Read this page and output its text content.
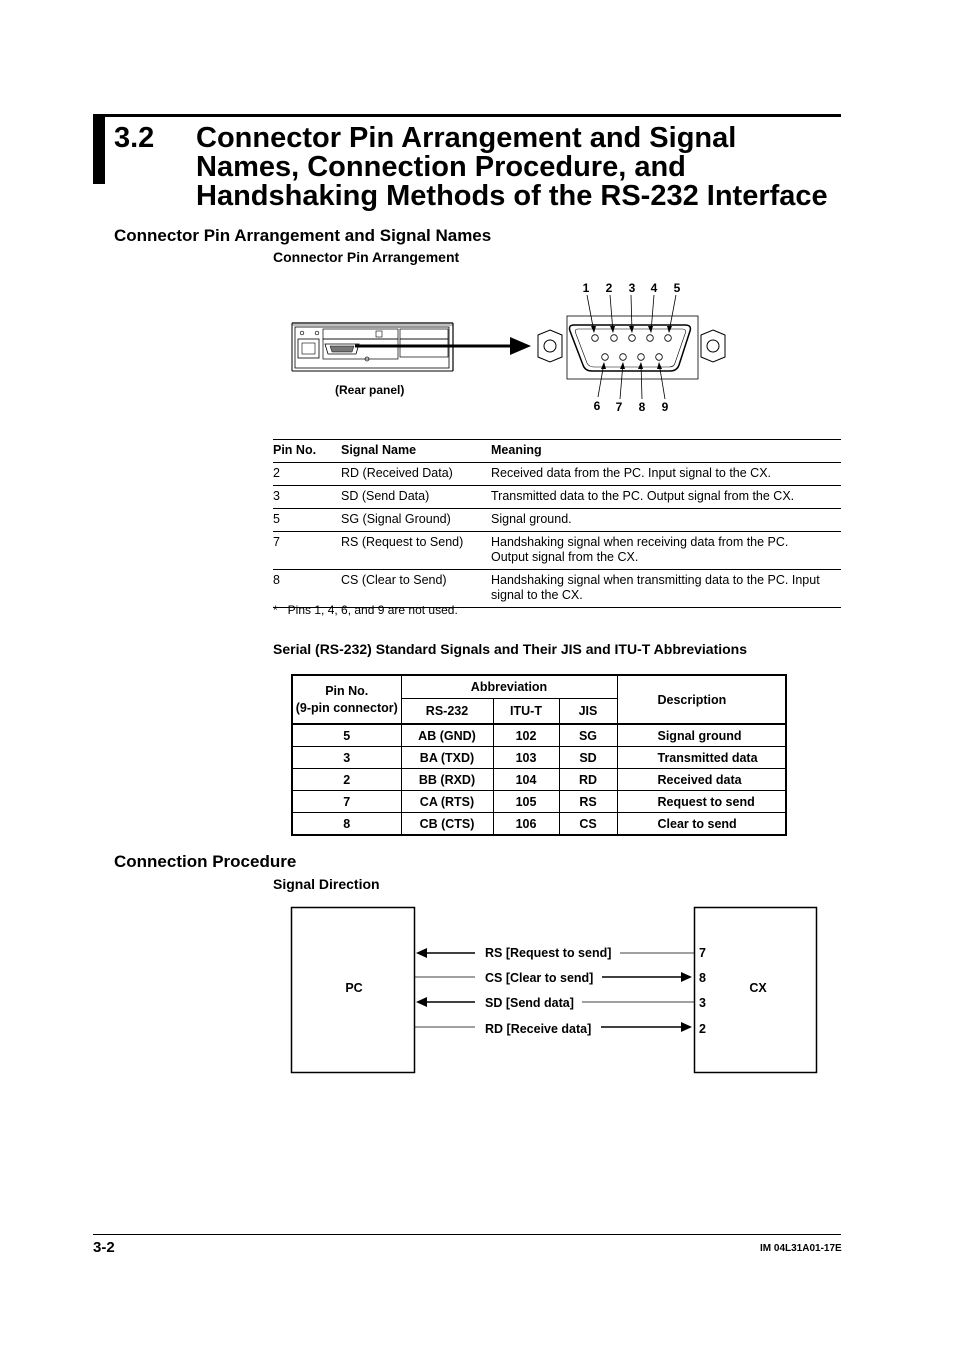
3.2 Connector Pin Arrangement and Signal Names, Connection Procedure, and Handshaking Methods of the RS-232 Interface
Connector Pin Arrangement and Signal Names
Connector Pin Arrangement
1 2 3 4 5
6 7 8 9
(Rear panel)
Pin No.	Signal Name	Meaning
2	RD (Received Data)	Received data from the PC. Input signal to the CX.
3	SD (Send Data)	Transmitted data to the PC. Output signal from the CX.
5	SG (Signal Ground)	Signal ground.
7	RS (Request to Send)	Handshaking signal when receiving data from the PC. Output signal from the CX.
8	CS (Clear to Send)	Handshaking signal when transmitting data to the PC. Input signal to the CX.
*   Pins 1, 4, 6, and 9 are not used.
Serial (RS-232) Standard Signals and Their JIS and ITU-T Abbreviations
Pin No.
(9-pin connector)	Abbreviation			Description
	RS-232	ITU-T	JIS	
5	AB (GND)	102	SG	Signal ground
3	BA (TXD)	103	SD	Transmitted data
2	BB (RXD)	104	RD	Received data
7	CA (RTS)	105	RS	Request to send
8	CB (CTS)	106	CS	Clear to send
Connection Procedure
Signal Direction
PC	CX
RS [Request to send]	7
CS [Clear to send]	8
SD [Send data]	3
RD [Receive data]	2
3-2	IM 04L31A01-17E
